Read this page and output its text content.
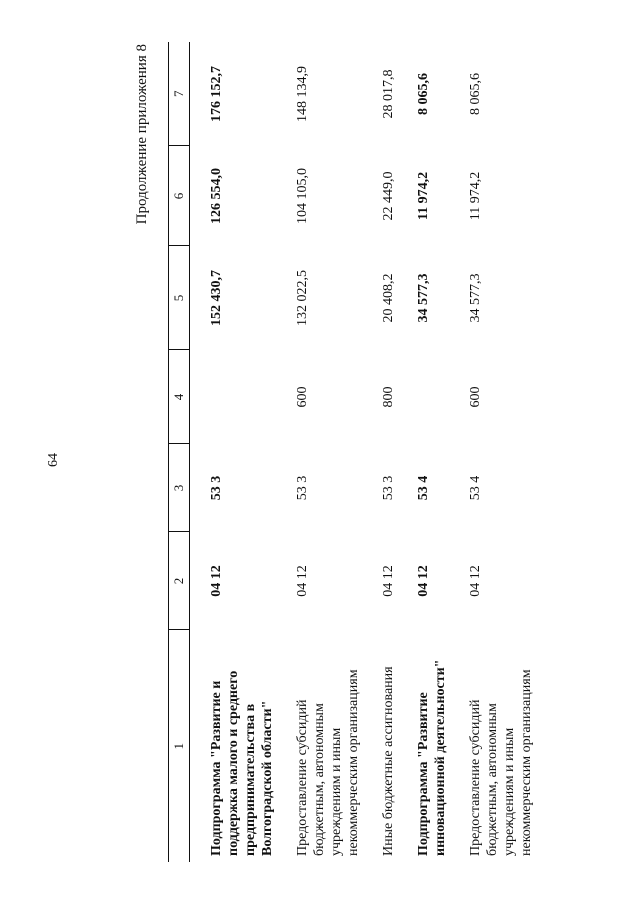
64
Продолжение приложения 8
1	2	3	4	5	6	7
Подпрограмма "Развитие и поддержка малого и среднего предпринимательства в Волгоградской области"	04 12	53 3		152 430,7	126 554,0	176 152,7
Предоставление субсидий бюджетным, автономным учреждениям и иным некоммерческим организациям	04 12	53 3	600	132 022,5	104 105,0	148 134,9
Иные бюджетные ассигнования	04 12	53 3	800	20 408,2	22 449,0	28 017,8
Подпрограмма "Развитие инновационной деятельности"	04 12	53 4		34 577,3	11 974,2	8 065,6
Предоставление субсидий бюджетным, автономным учреждениям и иным некоммерческим организациям	04 12	53 4	600	34 577,3	11 974,2	8 065,6
